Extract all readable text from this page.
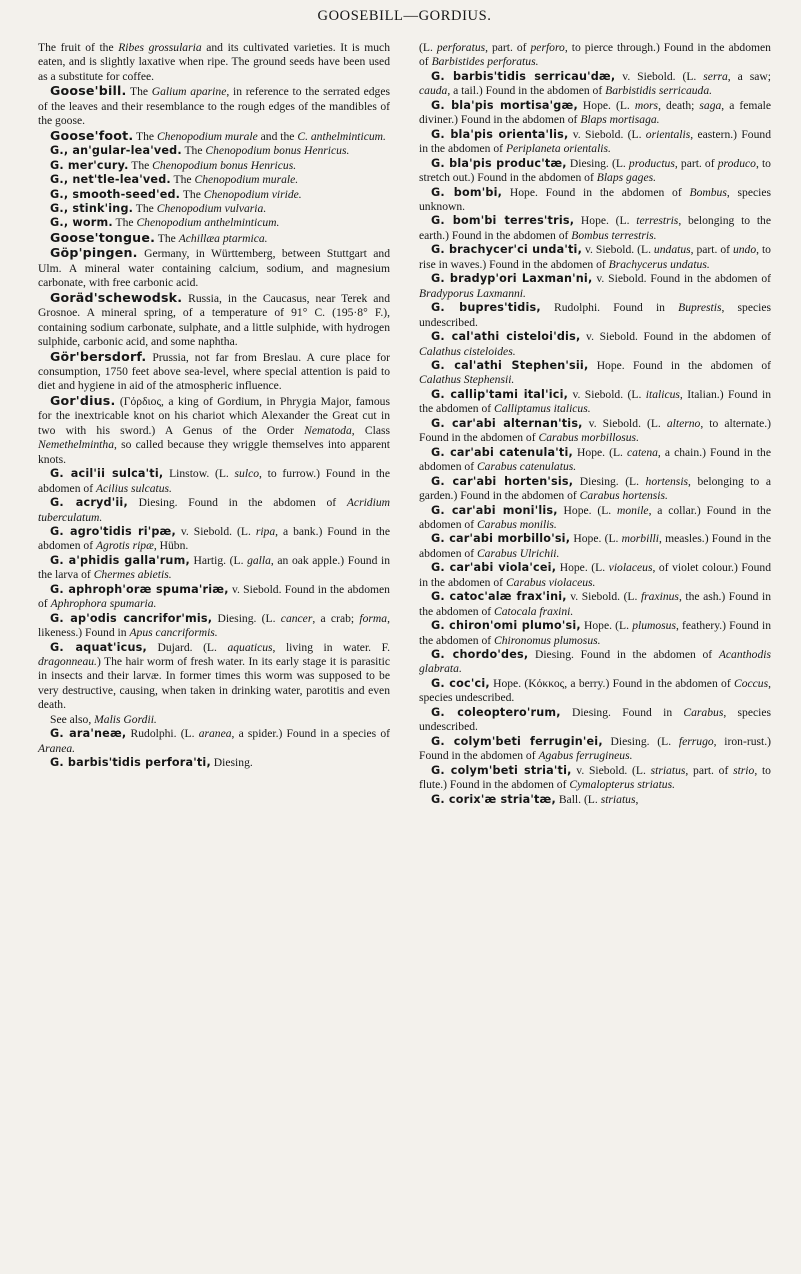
GOOSEBILL—GORDIUS.

The fruit of the Ribes grossularia and its cultivated varieties. It is much eaten, and is slightly laxative when ripe. The ground seeds have been used as a substitute for coffee.

Goose'bill. The Galium aparine, in reference to the serrated edges of the leaves and their resemblance to the rough edges of the mandibles of the goose.

Goose'foot. The Chenopodium murale and the C. anthelminticum.

G., an'gular-lea'ved. The Chenopodium bonus Henricus.

G. mer'cury. The Chenopodium bonus Henricus.

G., net'tle-lea'ved. The Chenopodium murale.

G., smooth-seed'ed. The Chenopodium viride.

G., stink'ing. The Chenopodium vulvaria.

G., worm. The Chenopodium anthelminticum.

Goose'tongue. The Achillæa ptarmica.

Göp'pingen. Germany, in Württemberg, between Stuttgart and Ulm. A mineral water containing calcium, sodium, and magnesium carbonate, with free carbonic acid.

Goräd'schewodsk. Russia, in the Caucasus, near Terek and Grosnoe. A mineral spring, of a temperature of 91° C. (195·8° F.), containing sodium carbonate, sulphate, and a little sulphide, with hydrogen sulphide, carbonic acid, and some naphtha.

Gör'bersdorf. Prussia, not far from Breslau. A cure place for consumption, 1750 feet above sea-level, where special attention is paid to diet and hygiene in aid of the atmospheric influence.

Gor'dius. (Γόρδιος, a king of Gordium, in Phrygia Major, famous for the inextricable knot on his chariot which Alexander the Great cut in two with his sword.) A Genus of the Order Nematoda, Class Nemethelmintha, so called because they wriggle themselves into apparent knots.

G. acil'ii sulca'ti, Linstow. (L. sulco, to furrow.) Found in the abdomen of Acilius sulcatus.

G. acryd'ii, Diesing. Found in the abdomen of Acridium tuberculatum.

G. agro'tidis ri'pæ, v. Siebold. (L. ripa, a bank.) Found in the abdomen of Agrotis ripæ, Hübn.

G. a'phidis galla'rum, Hartig. (L. galla, an oak apple.) Found in the larva of Chermes abietis.

G. aphroph'oræ spuma'riæ, v. Siebold. Found in the abdomen of Aphrophora spumaria.

G. ap'odis cancrifor'mis, Diesing. (L. cancer, a crab; forma, likeness.) Found in Apus cancriformis.

G. aquat'icus, Dujard. (L. aquaticus, living in water. F. dragonneau.) The hair worm of fresh water. In its early stage it is parasitic in insects and their larvæ. In former times this worm was supposed to be very destructive, causing, when taken in drinking water, parotitis and even death.

See also, Malis Gordii.

G. ara'neæ, Rudolphi. (L. aranea, a spider.) Found in a species of Aranea.

G. barbis'tidis perfora'ti, Diesing.

(L. perforatus, part. of perforo, to pierce through.) Found in the abdomen of Barbistides perforatus.

G. barbis'tidis serricau'dæ, v. Siebold. (L. serra, a saw; cauda, a tail.) Found in the abdomen of Barbistidis serricauda.

G. bla'pis mortisa'gæ, Hope. (L. mors, death; saga, a female diviner.) Found in the abdomen of Blaps mortisaga.

G. bla'pis orienta'lis, v. Siebold. (L. orientalis, eastern.) Found in the abdomen of Periplaneta orientalis.

G. bla'pis produc'tæ, Diesing. (L. productus, part. of produco, to stretch out.) Found in the abdomen of Blaps gages.

G. bom'bi, Hope. Found in the abdomen of Bombus, species unknown.

G. bom'bi terres'tris, Hope. (L. terrestris, belonging to the earth.) Found in the abdomen of Bombus terrestris.

G. brachycer'ci unda'ti, v. Siebold. (L. undatus, part. of undo, to rise in waves.) Found in the abdomen of Brachycerus undatus.

G. bradyp'ori Laxman'ni, v. Siebold. Found in the abdomen of Bradyporus Laxmanni.

G. bupres'tidis, Rudolphi. Found in Buprestis, species undescribed.

G. cal'athi cisteloi'dis, v. Siebold. Found in the abdomen of Calathus cisteloides.

G. cal'athi Stephen'sii, Hope. Found in the abdomen of Calathus Stephensii.

G. callip'tami ital'ici, v. Siebold. (L. italicus, Italian.) Found in the abdomen of Calliptamus italicus.

G. car'abi alternan'tis, v. Siebold. (L. alterno, to alternate.) Found in the abdomen of Carabus morbillosus.

G. car'abi catenula'ti, Hope. (L. catena, a chain.) Found in the abdomen of Carabus catenulatus.

G. car'abi horten'sis, Diesing. (L. hortensis, belonging to a garden.) Found in the abdomen of Carabus hortensis.

G. car'abi moni'lis, Hope. (L. monile, a collar.) Found in the abdomen of Carabus monilis.

G. car'abi morbillo'si, Hope. (L. morbilli, measles.) Found in the abdomen of Carabus Ulrichii.

G. car'abi viola'cei, Hope. (L. violaceus, of violet colour.) Found in the abdomen of Carabus violaceus.

G. catoc'alæ frax'ini, v. Siebold. (L. fraxinus, the ash.) Found in the abdomen of Catocala fraxini.

G. chiron'omi plumo'si, Hope. (L. plumosus, feathery.) Found in the abdomen of Chironomus plumosus.

G. chordo'des, Diesing. Found in the abdomen of Acanthodis glabrata.

G. coc'ci, Hope. (Κόκκος, a berry.) Found in the abdomen of Coccus, species undescribed.

G. coleoptero'rum, Diesing. Found in Carabus, species undescribed.

G. colym'beti ferrugin'ei, Diesing. (L. ferrugo, iron-rust.) Found in the abdomen of Agabus ferrugineus.

G. colym'beti stria'ti, v. Siebold. (L. striatus, part. of strio, to flute.) Found in the abdomen of Cymalopterus striatus.

G. corix'æ stria'tæ, Ball. (L. striatus,
